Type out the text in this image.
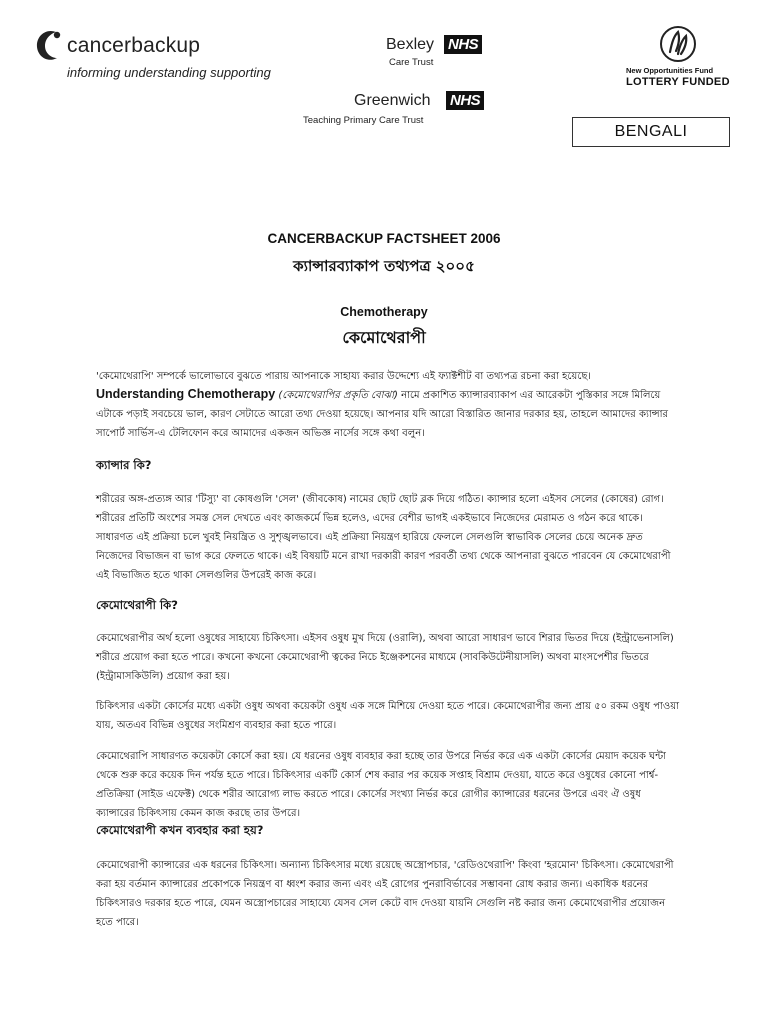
cancerbackup
informing understanding supporting
Bexley NHS
Care Trust
Greenwich NHS
Teaching Primary Care Trust
New Opportunities Fund
LOTTERY FUNDED
BENGALI
CANCERBACKUP FACTSHEET 2006
ক্যান্সারব্যাকাপ তথ্যপত্র ২০০৫
Chemotherapy
কেমোথেরাপী
'কেমোথেরাপি' সম্পর্কে ভালোভাবে বুঝতে পারায় আপনাকে সাহায্য করার উদ্দেশ্যে এই ফ্যাক্টশীট বা তথ্যপত্র রচনা করা হয়েছে।
Understanding Chemotherapy (কেমোথেরাপির প্রকৃতি বোঝা) নামে প্রকাশিত ক্যান্সারব্যাকাপ এর আরেকটা পুস্তিকার সঙ্গে মিলিয়ে এটাকে পড়াই সবচেয়ে ভাল, কারণ সেটাতে আরো তথ্য দেওয়া হয়েছে। আপনার যদি আরো বিস্তারিত জানার দরকার হয়, তাহলে আমাদের ক্যান্সার সাপোর্ট সার্ভিস-এ টেলিফোন করে আমাদের একজন অভিজ্ঞ নার্সের সঙ্গে কথা বলুন।
ক্যান্সার কি?
শরীরের অঙ্গ-প্রত্যঙ্গ আর 'টিস্যু' বা কোষগুলি 'সেল' (জীবকোষ) নামের ছোট ছোট ব্লক দিয়ে গঠিত। ক্যান্সার হলো এইসব সেলের (কোষের) রোগ। শরীরের প্রতিটি অংশের সমস্ত সেল দেখতে এবং কাজকর্মে ভিন্ন হলেও, এদের বেশীর ভাগই একইভাবে নিজেদের মেরামত ও গঠন করে থাকে। সাধারণত এই প্রক্রিয়া চলে খুবই নিয়ন্ত্রিত ও সুশৃঙ্খলভাবে। এই প্রক্রিয়া নিয়ন্ত্রণ হারিয়ে ফেললে সেলগুলি স্বাভাবিক সেলের চেয়ে অনেক দ্রুত নিজেদের বিভাজন বা ভাগ করে ফেলতে থাকে। এই বিষয়টি মনে রাখা দরকারী কারণ পরবর্তী তথ্য থেকে আপনারা বুঝতে পারবেন যে কেমোথেরাপী এই বিভাজিত হতে থাকা সেলগুলির উপরেই কাজ করে।
কেমোথেরাপী কি?
কেমোথেরাপীর অর্থ হলো ওষুধের সাহায্যে চিকিৎসা। এইসব ওষুধ মুখ দিয়ে (ওরালি), অথবা আরো সাধারণ ভাবে শিরার ভিতর দিয়ে (ইন্ট্রাভেনাসলি) শরীরে প্রয়োগ করা হতে পারে। কখনো কখনো কেমোথেরাপী ত্বকের নিচে ইঞ্জেকশনের মাধ্যমে (সাবকিউটেনীয়াসলি) অথবা মাংসপেশীর ভিতরে (ইন্ট্রামাসকিউলি) প্রয়োগ করা হয়।
চিকিৎসার একটা কোর্সের মধ্যে একটা ওষুধ অথবা কয়েকটা ওষুধ এক সঙ্গে মিশিয়ে দেওয়া হতে পারে। কেমোথেরাপীর জন্য প্রায় ৫০ রকম ওষুধ পাওয়া যায়, অতএব বিভিন্ন ওষুধের সংমিশ্রণ ব্যবহার করা হতে পারে।
কেমোথেরাপি সাধারণত কয়েকটা কোর্সে করা হয়। যে ধরনের ওষুধ ব্যবহার করা হচ্ছে তার উপরে নির্ভর করে এক একটা কোর্সের মেয়াদ কয়েক ঘন্টা থেকে শুরু করে কয়েক দিন পর্যন্ত হতে পারে। চিকিৎসার একটি কোর্স শেষ করার পর কয়েক সপ্তাহ বিশ্রাম দেওয়া, যাতে করে ওষুধের কোনো পার্শ্ব-প্রতিক্রিয়া (সাইড এফেক্ট) থেকে শরীর আরোগ্য লাভ করতে পারে। কোর্সের সংখ্যা নির্ভর করে রোগীর ক্যান্সারের ধরনের উপরে এবং ঐ ওষুধ ক্যান্সারের চিকিৎসায় কেমন কাজ করছে তার উপরে।
কেমোথেরাপী কখন ব্যবহার করা হয়?
কেমোথেরাপী ক্যান্সারের এক ধরনের চিকিৎসা। অন্যান্য চিকিৎসার মধ্যে রয়েছে অস্ত্রোপচার, 'রেডিওথেরাপি' কিংবা 'হরমোন' চিকিৎসা। কেমোথেরাপী করা হয় বর্তমান ক্যান্সারের প্রকোপকে নিয়ন্ত্রণ বা ধ্বংশ করার জন্য এবং এই রোগের পুনরাবির্ভাবের সম্ভাবনা রোধ করার জন্য। একাধিক ধরনের চিকিৎসারও দরকার হতে পারে, যেমন অস্ত্রোপচারের সাহায্যে যেসব সেল কেটে বাদ দেওয়া যায়নি সেগুলি নষ্ট করার জন্য কেমোথেরাপীর প্রয়োজন হতে পারে।
